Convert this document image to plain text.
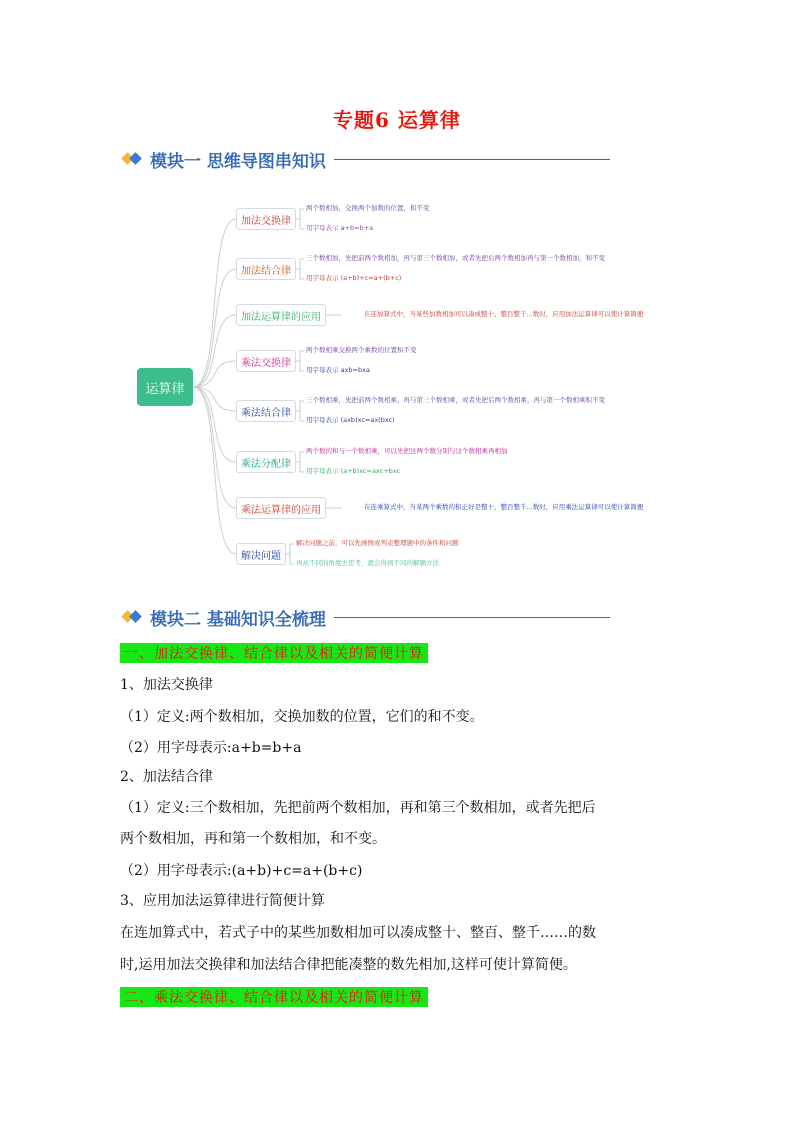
专题6 运算律
模块一 思维导图串知识
加法交换律
两个数相加，交换两个加数的位置，和不变
用字母表示 a+b=b+a
加法结合律
三个数相加，先把前两个数相加，再与第三个数相加，或者先把后两个数相加再与第一个数相加，和不变
用字母表示 (a+b)+c=a+(b+c)
加法运算律的应用	在连加算式中，当某些加数相加可以凑成整十、整百整千...数时，应用加法运算律可以使计算简便
乘法交换律
两个数相乘交换两个乘数的位置积不变
用字母表示 axb=bxa
乘法结合律
三个数相乘，先把前两个数相乘，再与第三个数相乘，或者先把后两个数相乘，再与第一个数相乘积不变
用字母表示 (axb)xc=ax(bxc)
乘法分配律
两个数的和与一个数相乘，可以先把这两个数分别与这个数相乘再相加
用字母表示 (a+b)xc=axc+bxc
乘法运算律的应用	在连乘算式中，当某两个乘数的积正好是整十、整百整千...数时，应用乘法运算律可以使计算简便
解决问题
解决问题之前，可以先画图或列表整理题中的条件和问题
再从不同的角度去思考，就会得到不同的解题方法
模块二 基础知识全梳理
一、加法交换律、结合律以及相关的简便计算
1、加法交换律
（1）定义:两个数相加，交换加数的位置，它们的和不变。
（2）用字母表示:a+b=b+a
2、加法结合律
（1）定义:三个数相加，先把前两个数相加，再和第三个数相加，或者先把后
两个数相加，再和第一个数相加，和不变。
（2）用字母表示:(a+b)+c=a+(b+c)
3、应用加法运算律进行简便计算
在连加算式中，若式子中的某些加数相加可以凑成整十、整百、整千……的数
时,运用加法交换律和加法结合律把能凑整的数先相加,这样可使计算简便。
二、乘法交换律、结合律以及相关的简便计算
运算律
